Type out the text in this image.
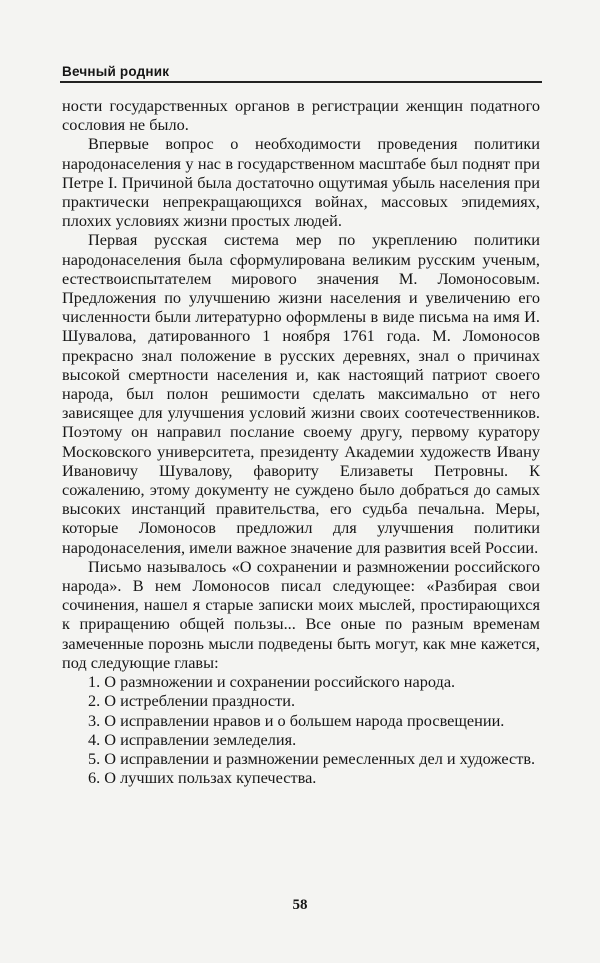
Вечный родник

ности государственных органов в регистрации женщин податного сословия не было.

Впервые вопрос о необходимости проведения политики народонаселения у нас в государственном масштабе был поднят при Петре I. Причиной была достаточно ощутимая убыль населения при практически непрекращающихся войнах, массовых эпидемиях, плохих условиях жизни простых людей.

Первая русская система мер по укреплению политики народонаселения была сформулирована великим русским ученым, естествоиспытателем мирового значения М. Ломоносовым. Предложения по улучшению жизни населения и увеличению его численности были литературно оформлены в виде письма на имя И. Шувалова, датированного 1 ноября 1761 года. М. Ломоносов прекрасно знал положение в русских деревнях, знал о причинах высокой смертности населения и, как настоящий патриот своего народа, был полон решимости сделать максимально от него зависящее для улучшения условий жизни своих соотечественников. Поэтому он направил послание своему другу, первому куратору Московского университета, президенту Академии художеств Ивану Ивановичу Шувалову, фавориту Елизаветы Петровны. К сожалению, этому документу не суждено было добраться до самых высоких инстанций правительства, его судьба печальна. Меры, которые Ломоносов предложил для улучшения политики народонаселения, имели важное значение для развития всей России.

Письмо называлось «О сохранении и размножении российского народа». В нем Ломоносов писал следующее: «Разбирая свои сочинения, нашел я старые записки моих мыслей, простирающихся к приращению общей пользы... Все оные по разным временам замеченные порознь мысли подведены быть могут, как мне кажется, под следующие главы:

1. О размножении и сохранении российского народа.

2. О истреблении праздности.

3. О исправлении нравов и о большем народа просвещении.

4. О исправлении земледелия.

5. О исправлении и размножении ремесленных дел и художеств.

6. О лучших пользах купечества.

58
